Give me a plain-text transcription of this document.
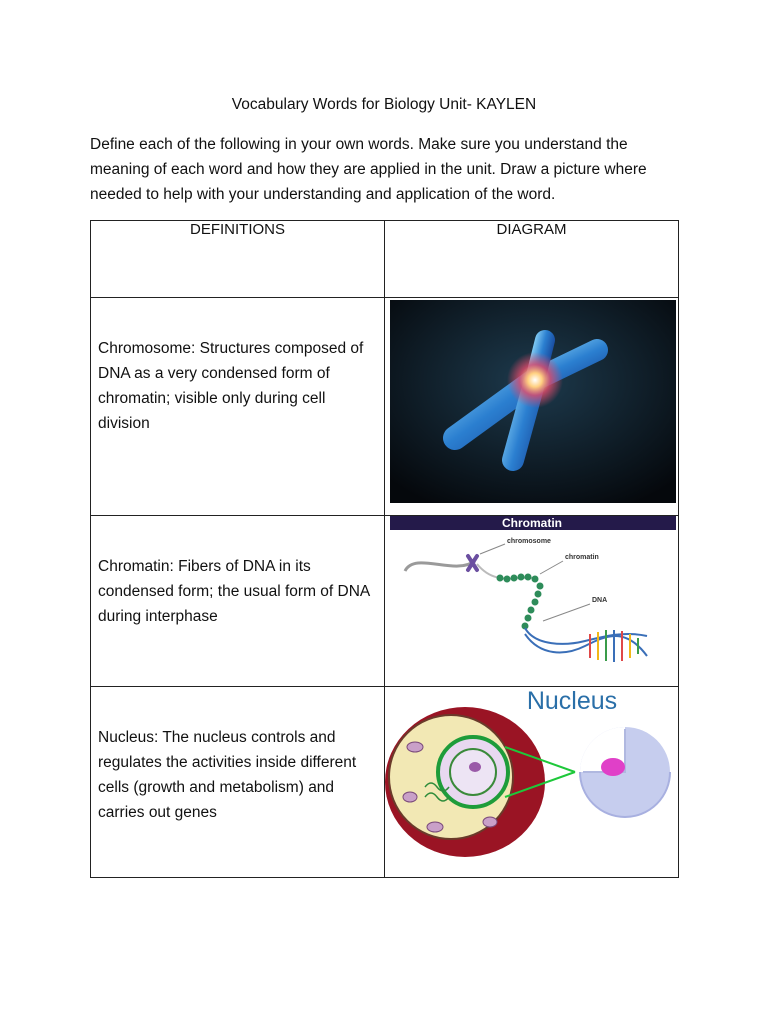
Vocabulary Words for Biology Unit- KAYLEN

Define each of the following in your own words. Make sure you understand the meaning of each word and how they are applied in the unit. Draw a picture where needed to help with your understanding and application of the word.

DEFINITIONS	DIAGRAM

Chromosome: Structures composed of DNA as a very condensed form of chromatin; visible only during cell division

Chromatin: Fibers of DNA in its condensed form; the usual form of DNA during interphase	Chromatin
chromosome
chromatin
DNA

Nucleus: The nucleus controls and regulates the activities inside different cells (growth and metabolism) and carries out genes	Nucleus
